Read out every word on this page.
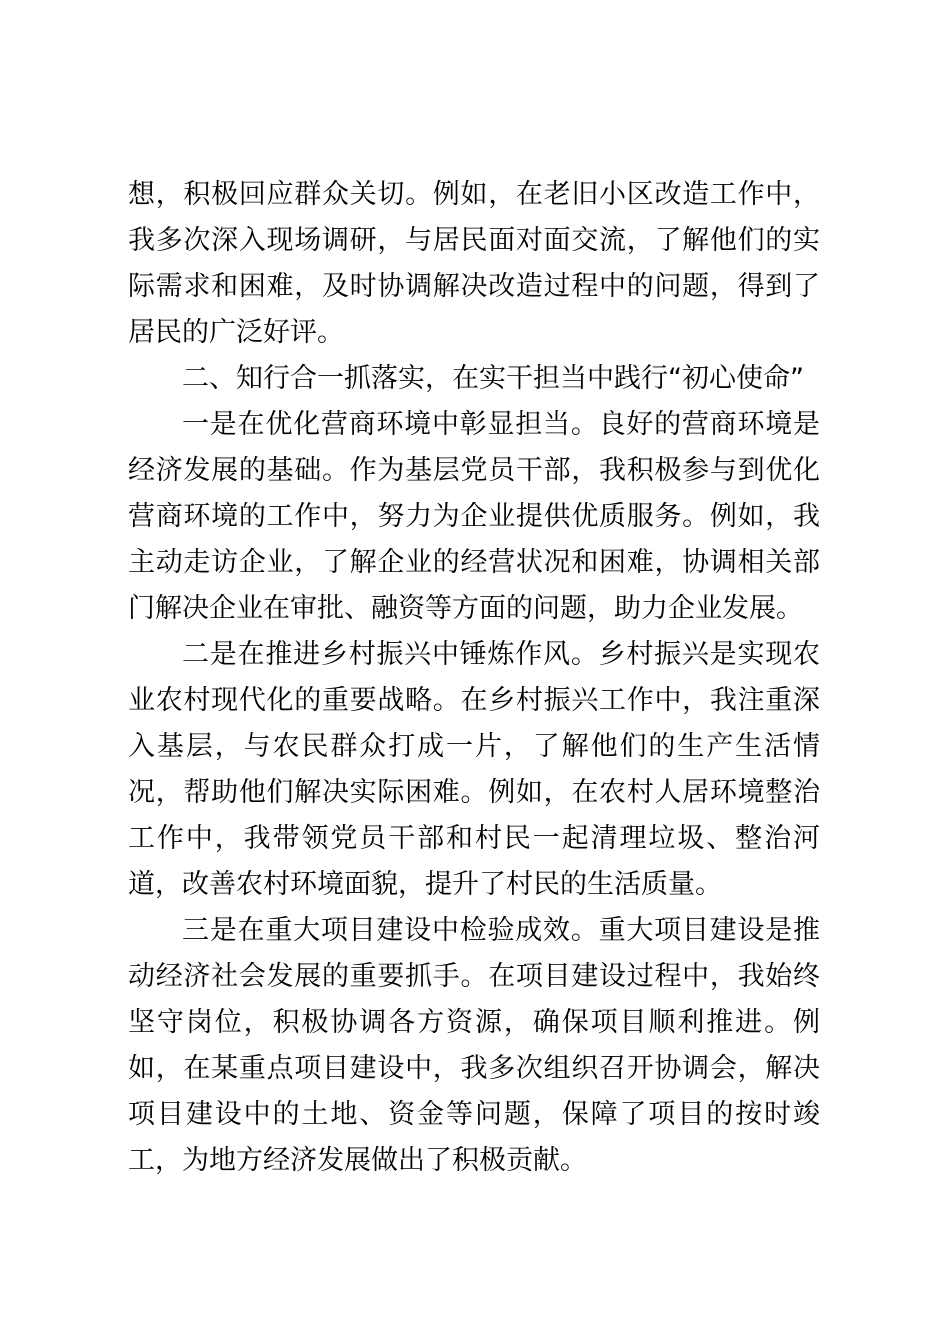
想，积极回应群众关切。例如，在老旧小区改造工作中，我多次深入现场调研，与居民面对面交流，了解他们的实际需求和困难，及时协调解决改造过程中的问题，得到了居民的广泛好评。

二、知行合一抓落实，在实干担当中践行“初心使命”

一是在优化营商环境中彰显担当。良好的营商环境是经济发展的基础。作为基层党员干部，我积极参与到优化营商环境的工作中，努力为企业提供优质服务。例如，我主动走访企业，了解企业的经营状况和困难，协调相关部门解决企业在审批、融资等方面的问题，助力企业发展。

二是在推进乡村振兴中锤炼作风。乡村振兴是实现农业农村现代化的重要战略。在乡村振兴工作中，我注重深入基层，与农民群众打成一片，了解他们的生产生活情况，帮助他们解决实际困难。例如，在农村人居环境整治工作中，我带领党员干部和村民一起清理垃圾、整治河道，改善农村环境面貌，提升了村民的生活质量。

三是在重大项目建设中检验成效。重大项目建设是推动经济社会发展的重要抓手。在项目建设过程中，我始终坚守岗位，积极协调各方资源，确保项目顺利推进。例如，在某重点项目建设中，我多次组织召开协调会，解决项目建设中的土地、资金等问题，保障了项目的按时竣工，为地方经济发展做出了积极贡献。
